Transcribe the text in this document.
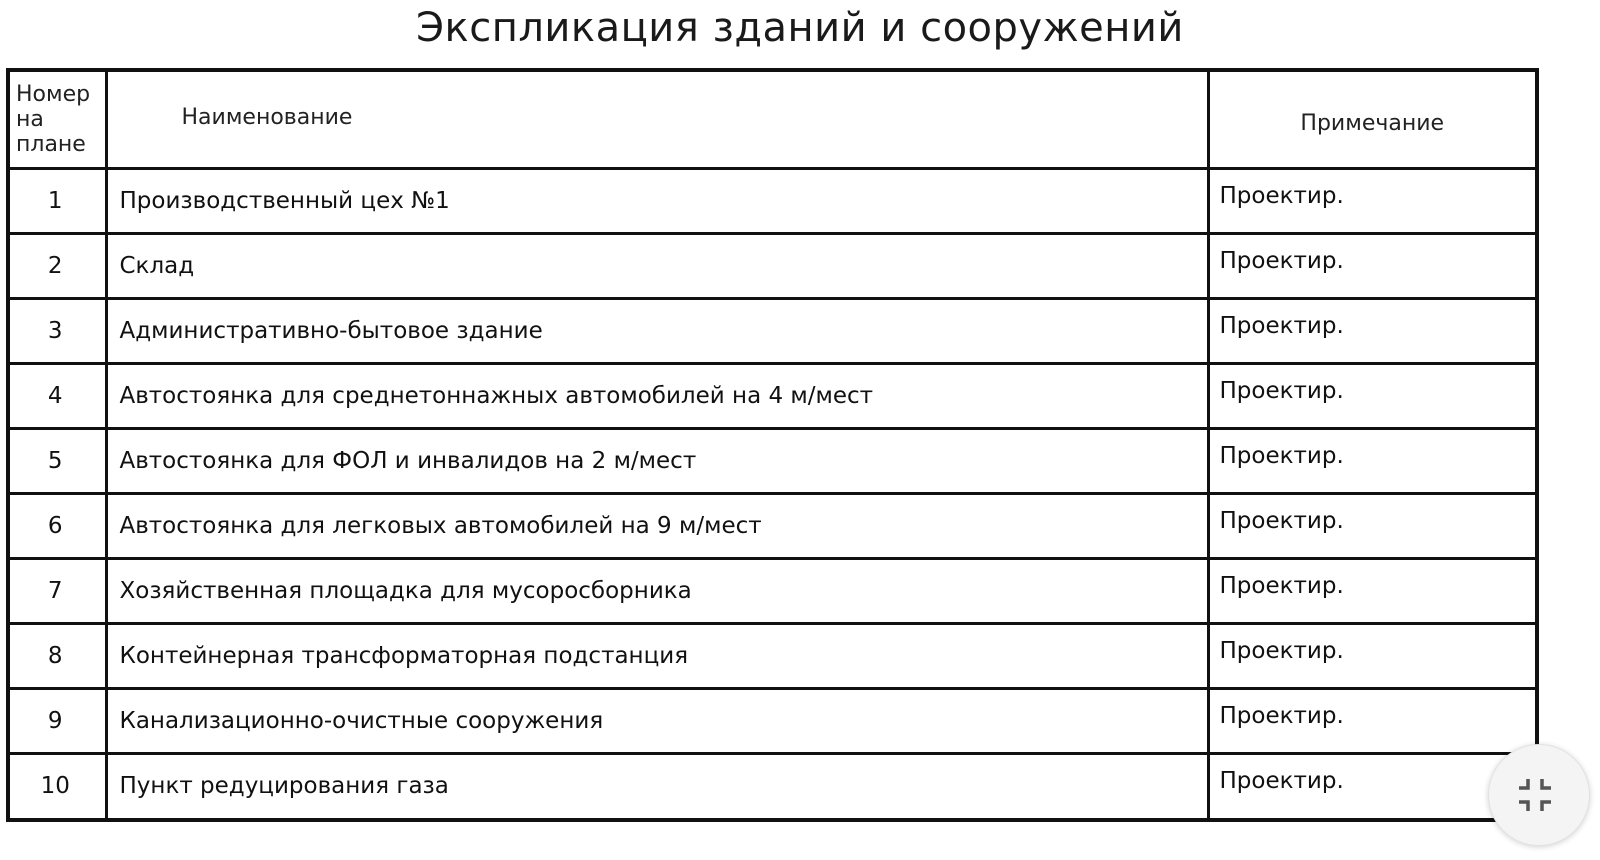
Экспликация зданий и сооружений
Номер на плане	Наименование	Примечание
1	Производственный цех №1	Проектир.
2	Склад	Проектир.
3	Административно-бытовое здание	Проектир.
4	Автостоянка для среднетоннажных автомобилей на 4 м/мест	Проектир.
5	Автостоянка для ФОЛ и инвалидов на 2 м/мест	Проектир.
6	Автостоянка для легковых автомобилей на 9 м/мест	Проектир.
7	Хозяйственная площадка для мусоросборника	Проектир.
8	Контейнерная трансформаторная подстанция	Проектир.
9	Канализационно-очистные сооружения	Проектир.
10	Пункт редуцирования газа	Проектир.
